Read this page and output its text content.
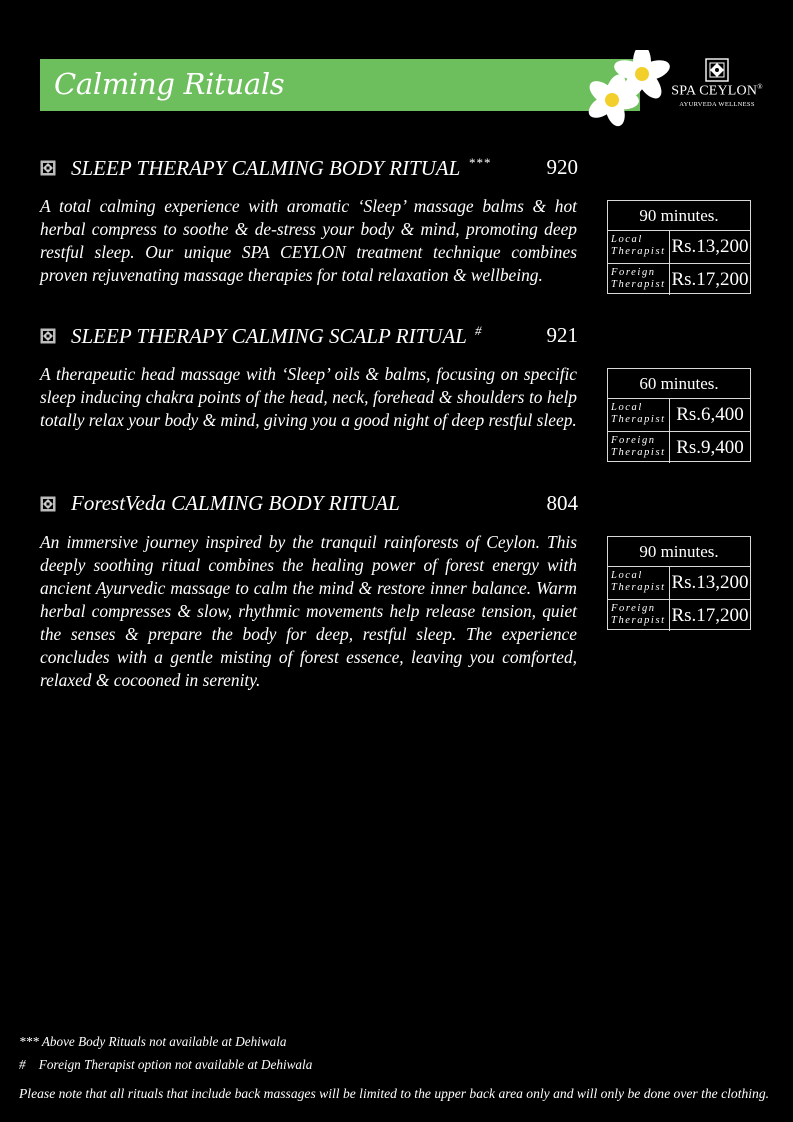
Calming Rituals	SPA CEYLON®
AYURVEDA WELLNESS
SLEEP THERAPY CALMING BODY RITUAL ***	920

A total calming experience with aromatic ‘Sleep’ massage balms & hot herbal compress to soothe & de-stress your body & mind, promoting deep restful sleep. Our unique SPA CEYLON treatment technique combines proven rejuvenating massage therapies for total relaxation & wellbeing.

90 minutes.
Local
Therapist Rs.13,200
Foreign
Therapist Rs.17,200
SLEEP THERAPY CALMING SCALP RITUAL #	921

A therapeutic head massage with ‘Sleep’ oils & balms, focusing on specific sleep inducing chakra points of the head, neck, forehead & shoulders to help totally relax your body & mind, giving you a good night of deep restful sleep.

60 minutes.
Local
Therapist Rs.6,400
Foreign
Therapist Rs.9,400
ForestVeda CALMING BODY RITUAL	804

An immersive journey inspired by the tranquil rainforests of Ceylon. This deeply soothing ritual combines the healing power of forest energy with ancient Ayurvedic massage to calm the mind & restore inner balance. Warm herbal compresses & slow, rhythmic movements help release tension, quiet the senses & prepare the body for deep, restful sleep. The experience concludes with a gentle misting of forest essence, leaving you comforted, relaxed & cocooned in serenity.

90 minutes.
Local
Therapist Rs.13,200
Foreign
Therapist Rs.17,200
*** Above Body Rituals not available at Dehiwala
#    Foreign Therapist option not available at Dehiwala
Please note that all rituals that include back massages will be limited to the upper back area only and will only be done over the clothing.
